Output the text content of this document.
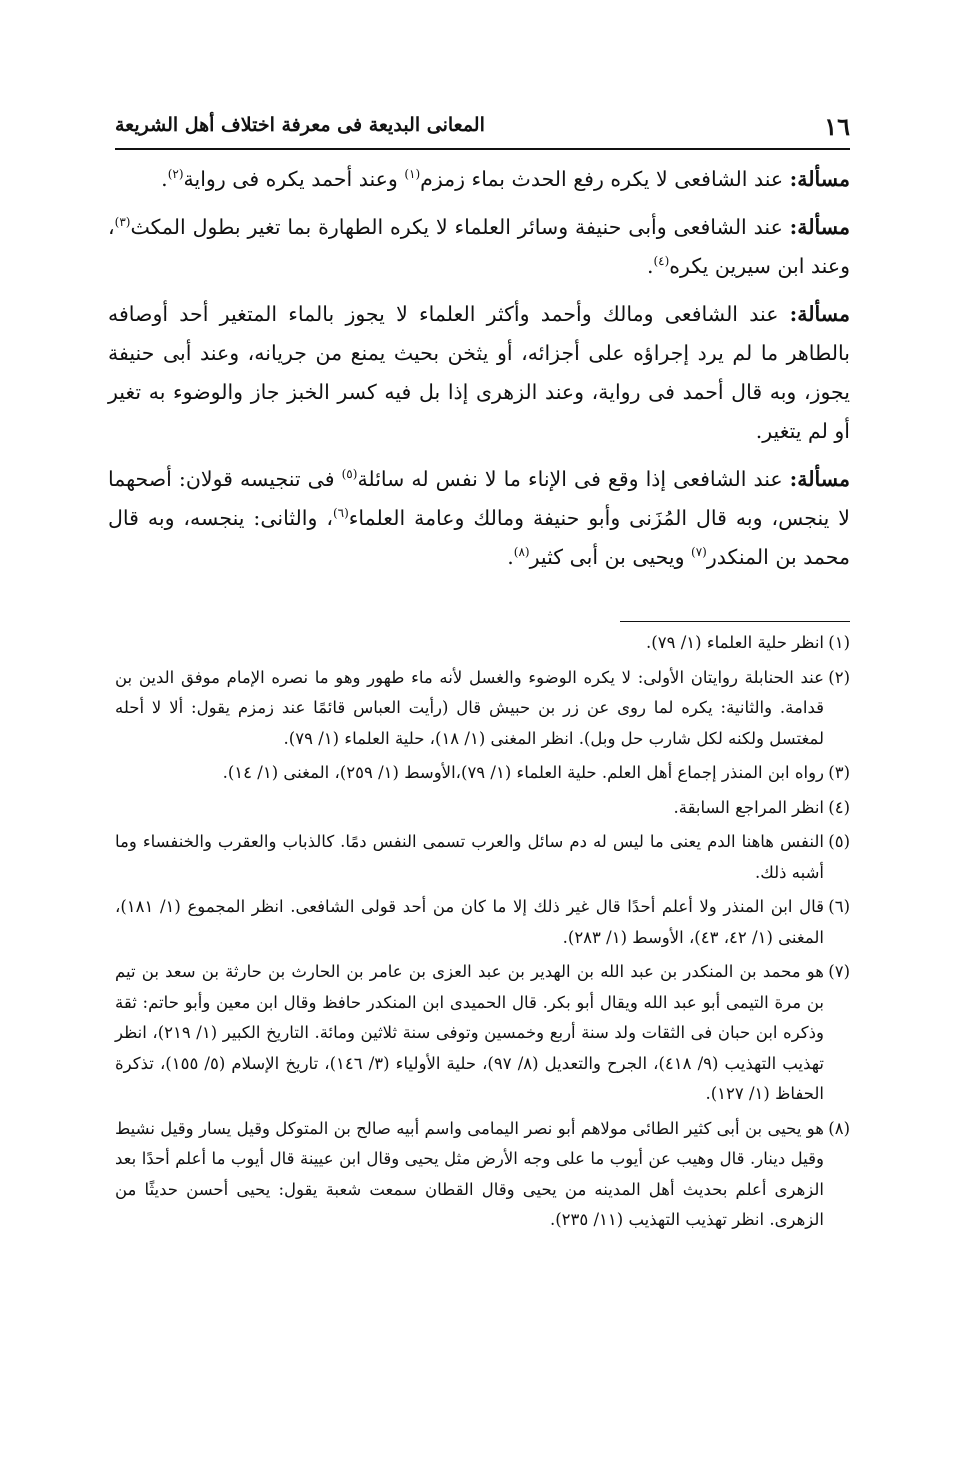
١٦
المعانى البديعة فى معرفة اختلاف أهل الشريعة

مسألة: عند الشافعى لا يكره رفع الحدث بماء زمزم$^{(١)}$ وعند أحمد يكره فى رواية$^{(٢)}$.

مسألة: عند الشافعى وأبى حنيفة وسائر العلماء لا يكره الطهارة بما تغير بطول المكث$^{(٣)}$، وعند ابن سيرين يكره$^{(٤)}$.

مسألة: عند الشافعى ومالك وأحمد وأكثر العلماء لا يجوز بالماء المتغير أحد أوصافه بالطاهر ما لم يرد إجراؤه على أجزائه، أو يثخن بحيث يمنع من جريانه، وعند أبى حنيفة يجوز، وبه قال أحمد فى رواية، وعند الزهرى إذا بل فيه كسر الخبز جاز والوضوء به تغير أو لم يتغير.

مسألة: عند الشافعى إذا وقع فى الإناء ما لا نفس له سائلة$^{(٥)}$ فى تنجيسه قولان: أصحهما لا ينجس، وبه قال المُزَنى وأبو حنيفة ومالك وعامة العلماء$^{(٦)}$، والثانى: ينجسه، وبه قال محمد بن المنكدر$^{(٧)}$ ويحيى بن أبى كثير$^{(٨)}$.

(١)
انظر حلية العلماء (١/ ٧٩).
(٢)
عند الحنابلة روايتان الأولى: لا يكره الوضوء والغسل لأنه ماء طهور وهو ما نصره الإمام موفق الدين بن قدامة. والثانية: يكره لما روى عن زر بن حبيش قال (رأيت العباس قائمًا عند زمزم يقول: ألا لا أحله لمغتسل ولكنه لكل شارب حل وبل). انظر المغنى (١/ ١٨)، حلية العلماء (١/ ٧٩).
(٣)
رواه ابن المنذر إجماع أهل العلم. حلية العلماء (١/ ٧٩)،الأوسط (١/ ٢٥٩)، المغنى (١/ ١٤).
(٤)
انظر المراجع السابقة.
(٥)
النفس هاهنا الدم يعنى ما ليس له دم سائل والعرب تسمى النفس دمًا. كالذباب والعقرب والخنفساء وما أشبه ذلك.
(٦)
قال ابن المنذر ولا أعلم أحدًا قال غير ذلك إلا ما كان من أحد قولى الشافعى. انظر المجموع (١/ ١٨١)، المغنى (١/ ٤٢، ٤٣)، الأوسط (١/ ٢٨٣).
(٧)
هو محمد بن المنكدر بن عبد الله بن الهدير بن عبد العزى بن عامر بن الحارث بن حارثة بن سعد بن تيم بن مرة التيمى أبو عبد الله ويقال أبو بكر. قال الحميدى ابن المنكدر حافظ وقال ابن معين وأبو حاتم: ثقة وذكره ابن حبان فى الثقات ولد سنة أربع وخمسين وتوفى سنة ثلاثين ومائة. التاريخ الكبير (١/ ٢١٩)، انظر تهذيب التهذيب (٩/ ٤١٨)، الجرح والتعديل (٨/ ٩٧)، حلية الأولياء (٣/ ١٤٦)، تاريخ الإسلام (٥/ ١٥٥)، تذكرة الحفاظ (١/ ١٢٧).
(٨)
هو يحيى بن أبى كثير الطائى مولاهم أبو نصر اليمامى واسم أبيه صالح بن المتوكل وقيل يسار وقيل نشيط وقيل دينار. قال وهيب عن أيوب ما على وجه الأرض مثل يحيى وقال ابن عيينة قال أيوب ما أعلم أحدًا بعد الزهرى أعلم بحديث أهل المدينه من يحيى وقال القطان سمعت شعبة يقول: يحيى أحسن حديثًا من الزهرى. انظر تهذيب التهذيب (١١/ ٢٣٥).
